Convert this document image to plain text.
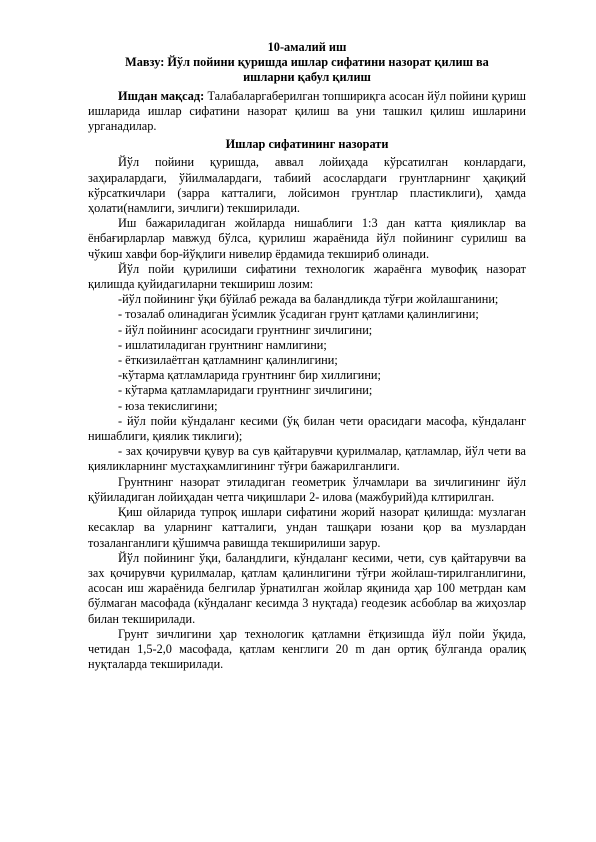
10-амалий иш

Мавзу: Йўл пойини қуришда ишлар сифатини назорат қилиш ва

ишларни қабул қилиш

Ишдан мақсад: Талабаларгаберилган топшириқга асосан йўл пойини қуриш ишларида ишлар сифатини назорат қилиш ва уни ташкил қилиш ишларини урганадилар.

Ишлар сифатининг назорати

Йўл пойини қуришда, аввал лойиҳада кўрсатилган конлардаги, заҳиралардаги, ўйилмалардаги, табиий асослардаги грунтларнинг ҳақиқий кўрсаткичлари (зарра катталиги, лойсимон грунтлар пластиклиги), ҳамда ҳолати(намлиги, зичлиги) текширилади.

Иш бажариладиган жойларда нишаблиги 1:3 дан катта қияликлар ва ёнбағирларлар мавжуд бўлса, қурилиш жараёнида йўл пойининг сурилиш ва чўкиш хавфи бор-йўқлиги нивелир ёрдамида текшириб олинади.

Йўл пойи қурилиши сифатини технологик жараёнга мувофиқ назорат қилишда қуйидагиларни текшириш лозим:

-йўл пойининг ўқи бўйлаб режада ва баландликда тўғри жойлашганини;

- тозалаб олинадиган ўсимлик ўсадиган грунт қатлами қалинлигини;

- йўл пойининг асосидаги грунтнинг зичлигини;

- ишлатиладиган грунтнинг намлигини;

- ёткизилаётган қатламнинг қалинлигини;

-кўтарма қатламларида грунтнинг бир хиллигини;

- кўтарма қатламларидаги грунтнинг зичлигини;

- юза текислигини;

- йўл пойи кўндаланг кесими (ўқ билан чети орасидаги масофа, кўндаланг нишаблиги, қиялик тиклиги);

- зах қочирувчи қувур ва сув қайтарувчи қурилмалар, қатламлар, йўл чети ва қияликларнинг мустаҳкамлигининг тўғри бажарилганлиги.

Грунтнинг назорат этиладиган геометрик ўлчамлари ва зичлигининг йўл қўйиладиган лойиҳадан четга чиқишлари 2- илова (мажбурий)да клтирилган.

Қиш ойларида тупроқ ишлари сифатини жорий назорат қилишда: музлаган кесаклар ва уларнинг катталиги, ундан ташқари юзани қор ва музлардан тозаланганлиги қўшимча равишда текширилиши зарур.

Йўл пойининг ўқи, баландлиги, кўндаланг кесими, чети, сув қайтарувчи ва зах қочирувчи қурилмалар, қатлам қалинлигини тўғри жойлаш-тирилганлигини, асосан иш жараёнида белгилар ўрнатилган жойлар яқинида ҳар 100 метрдан кам бўлмаган масофада (кўндаланг кесимда 3 нуқтада) геодезик асбоблар ва жиҳозлар билан текширилади.

Грунт зичлигини ҳар технологик қатламни ётқизишда йўл пойи ўқида, четидан 1,5-2,0 масофада, қатлам кенглиги 20 m дан ортиқ бўлганда оралиқ нуқталарда текширилади.
